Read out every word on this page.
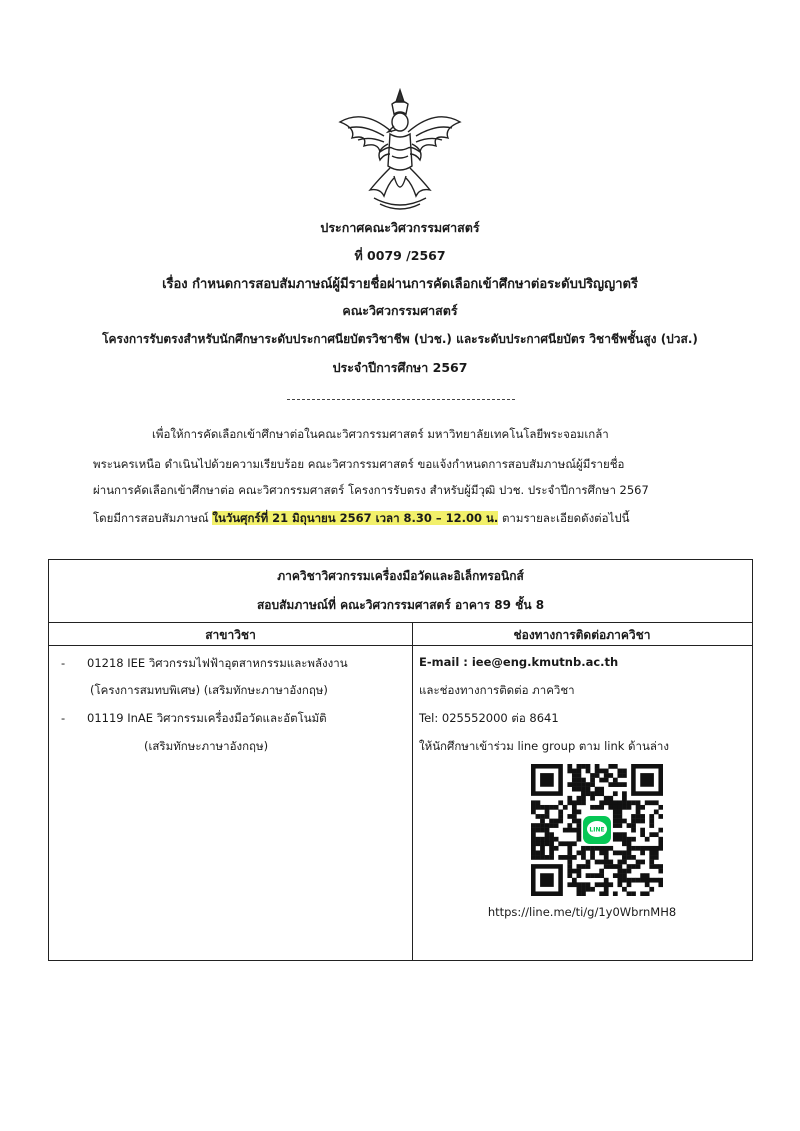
ประกาศคณะวิศวกรรมศาสตร์
ที่ 0079 /2567
เรื่อง กำหนดการสอบสัมภาษณ์ผู้มีรายชื่อผ่านการคัดเลือกเข้าศึกษาต่อระดับปริญญาตรี
คณะวิศวกรรมศาสตร์
โครงการรับตรงสำหรับนักศึกษาระดับประกาศนียบัตรวิชาชีพ (ปวช.) และระดับประกาศนียบัตร วิชาชีพชั้นสูง (ปวส.)
ประจำปีการศึกษา 2567
เพื่อให้การคัดเลือกเข้าศึกษาต่อในคณะวิศวกรรมศาสตร์ มหาวิทยาลัยเทคโนโลยีพระจอมเกล้า
พระนครเหนือ ดำเนินไปด้วยความเรียบร้อย คณะวิศวกรรมศาสตร์ ขอแจ้งกำหนดการสอบสัมภาษณ์ผู้มีรายชื่อ
ผ่านการคัดเลือกเข้าศึกษาต่อ คณะวิศวกรรมศาสตร์ โครงการรับตรง สำหรับผู้มีวุฒิ ปวช. ประจำปีการศึกษา 2567
โดยมีการสอบสัมภาษณ์ ในวันศุกร์ที่ 21 มิถุนายน 2567 เวลา 8.30 – 12.00 น. ตามรายละเอียดดังต่อไปนี้
ภาควิชาวิศวกรรมเครื่องมือวัดและอิเล็กทรอนิกส์
สอบสัมภาษณ์ที่ คณะวิศวกรรมศาสตร์ อาคาร 89 ชั้น 8
สาขาวิชา	ช่องทางการติดต่อภาควิชา
- 01218 IEE วิศวกรรมไฟฟ้าอุตสาหกรรมและพลังงาน
(โครงการสมทบพิเศษ) (เสริมทักษะภาษาอังกฤษ)
- 01119 InAE วิศวกรรมเครื่องมือวัดและอัตโนมัติ
(เสริมทักษะภาษาอังกฤษ)
E-mail : iee@eng.kmutnb.ac.th
และช่องทางการติดต่อ ภาควิชา
Tel: 025552000 ต่อ 8641
ให้นักศึกษาเข้าร่วม line group ตาม link ด้านล่าง
LINE
https://line.me/ti/g/1y0WbrnMH8
